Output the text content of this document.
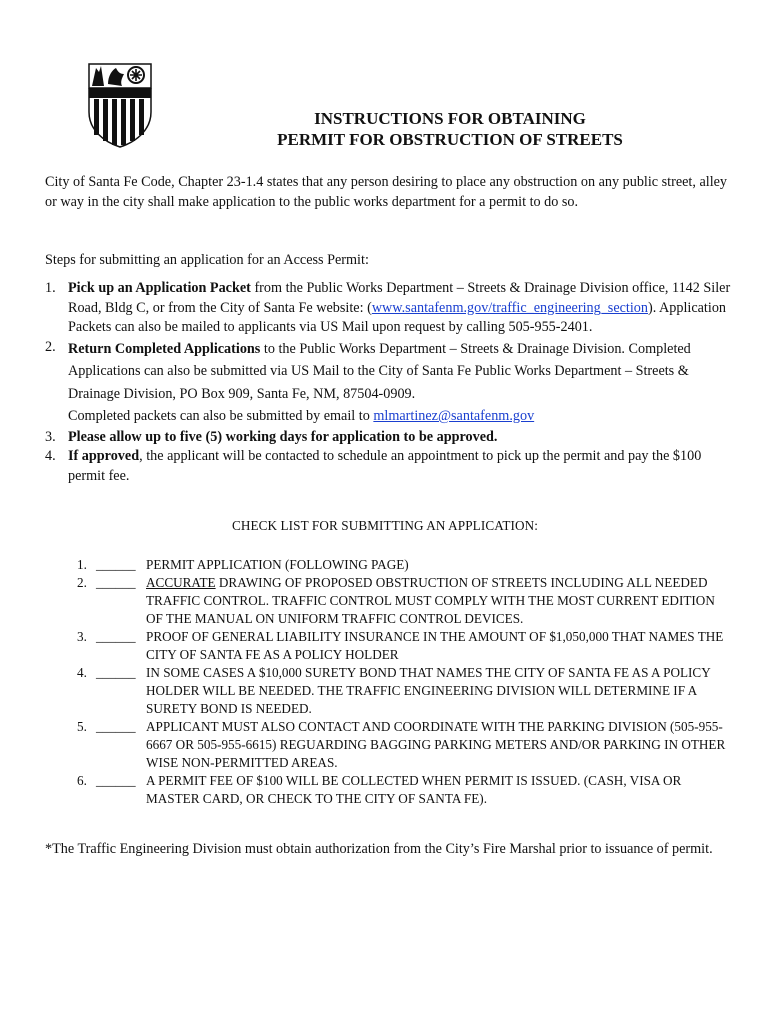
INSTRUCTIONS FOR OBTAINING
PERMIT FOR OBSTRUCTION OF STREETS
City of Santa Fe Code, Chapter 23-1.4 states that any person desiring to place any obstruction on any public street, alley or way in the city shall make application to the public works department for a permit to do so.
Steps for submitting an application for an Access Permit:
1. Pick up an Application Packet from the Public Works Department – Streets & Drainage Division office, 1142 Siler Road, Bldg C, or from the City of Santa Fe website: (www.santafenm.gov/traffic_engineering_section). Application Packets can also be mailed to applicants via US Mail upon request by calling 505-955-2401.
2. Return Completed Applications to the Public Works Department – Streets & Drainage Division. Completed Applications can also be submitted via US Mail to the City of Santa Fe Public Works Department – Streets & Drainage Division, PO Box 909, Santa Fe, NM, 87504-0909.
Completed packets can also be submitted by email to mlmartinez@santafenm.gov
3. Please allow up to five (5) working days for application to be approved.
4. If approved, the applicant will be contacted to schedule an appointment to pick up the permit and pay the $100 permit fee.
CHECK LIST FOR SUBMITTING AN APPLICATION:
1. ______ PERMIT APPLICATION (FOLLOWING PAGE)
2. ______ ACCURATE DRAWING OF PROPOSED OBSTRUCTION OF STREETS INCLUDING ALL NEEDED TRAFFIC CONTROL. TRAFFIC CONTROL MUST COMPLY WITH THE MOST CURRENT EDITION OF THE MANUAL ON UNIFORM TRAFFIC CONTROL DEVICES.
3. ______ PROOF OF GENERAL LIABILITY INSURANCE IN THE AMOUNT OF $1,050,000 THAT NAMES THE CITY OF SANTA FE AS A POLICY HOLDER
4. ______ IN SOME CASES A $10,000 SURETY BOND THAT NAMES THE CITY OF SANTA FE AS A POLICY HOLDER WILL BE NEEDED. THE TRAFFIC ENGINEERING DIVISION WILL DETERMINE IF A SURETY BOND IS NEEDED.
5. ______ APPLICANT MUST ALSO CONTACT AND COORDINATE WITH THE PARKING DIVISION (505-955-6667 OR 505-955-6615) REGUARDING BAGGING PARKING METERS AND/OR PARKING IN OTHER WISE NON-PERMITTED AREAS.
6. ______ A PERMIT FEE OF $100 WILL BE COLLECTED WHEN PERMIT IS ISSUED. (CASH, VISA OR MASTER CARD, OR CHECK TO THE CITY OF SANTA FE).
*The Traffic Engineering Division must obtain authorization from the City’s Fire Marshal prior to issuance of permit.
